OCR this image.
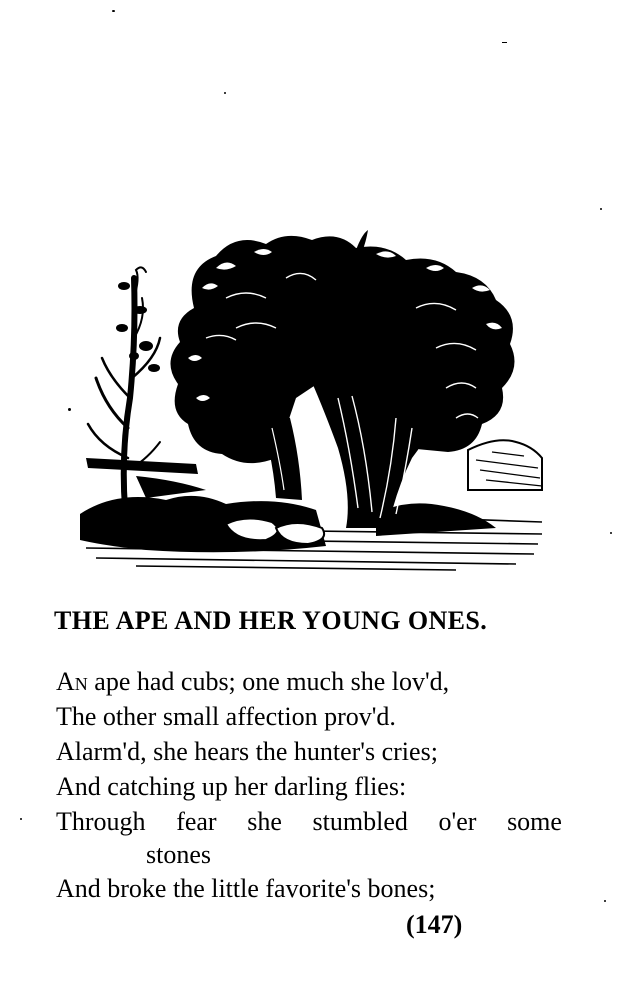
THE APE AND HER YOUNG ONES.
An ape had cubs; one much she lov'd,
The other small affection prov'd.
Alarm'd, she hears the hunter's cries;
And catching up her darling flies:
Through fear she stumbled o'er some
stones
And broke the little favorite's bones;
(147)
